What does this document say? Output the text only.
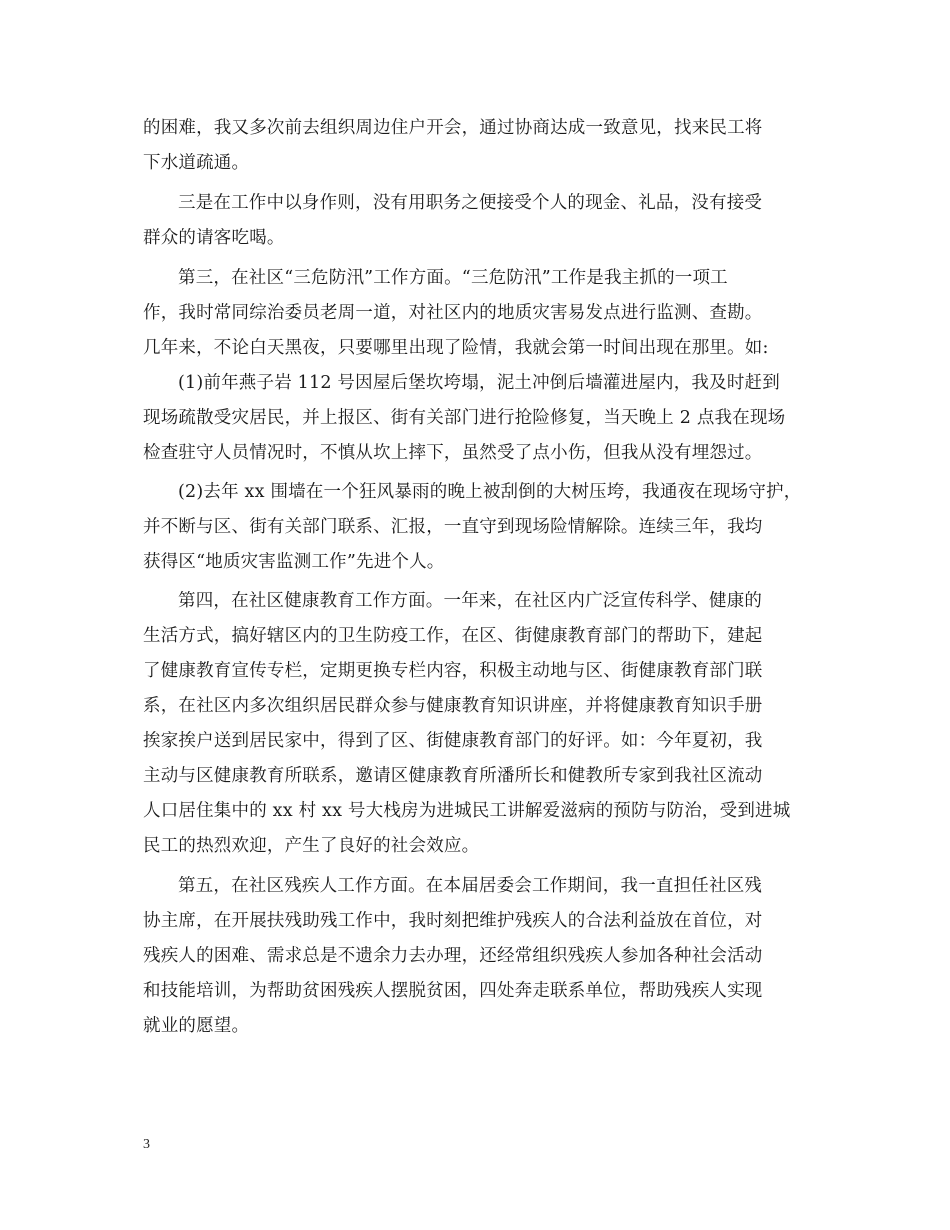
的困难，我又多次前去组织周边住户开会，通过协商达成一致意见，找来民工将
下水道疏通。
三是在工作中以身作则，没有用职务之便接受个人的现金、礼品，没有接受
群众的请客吃喝。
第三，在社区“三危防汛”工作方面。“三危防汛”工作是我主抓的一项工
作，我时常同综治委员老周一道，对社区内的地质灾害易发点进行监测、查勘。
几年来，不论白天黑夜，只要哪里出现了险情，我就会第一时间出现在那里。如:
(1)前年燕子岩 112 号因屋后堡坎垮塌，泥土冲倒后墙灌进屋内，我及时赶到
现场疏散受灾居民，并上报区、街有关部门进行抢险修复，当天晚上 2 点我在现场
检查驻守人员情况时，不慎从坎上摔下，虽然受了点小伤，但我从没有埋怨过。
(2)去年 xx 围墙在一个狂风暴雨的晚上被刮倒的大树压垮，我通夜在现场守护，
并不断与区、街有关部门联系、汇报，一直守到现场险情解除。连续三年，我均
获得区“地质灾害监测工作”先进个人。
第四，在社区健康教育工作方面。一年来，在社区内广泛宣传科学、健康的
生活方式，搞好辖区内的卫生防疫工作，在区、街健康教育部门的帮助下，建起
了健康教育宣传专栏，定期更换专栏内容，积极主动地与区、街健康教育部门联
系，在社区内多次组织居民群众参与健康教育知识讲座，并将健康教育知识手册
挨家挨户送到居民家中，得到了区、街健康教育部门的好评。如：今年夏初，我
主动与区健康教育所联系，邀请区健康教育所潘所长和健教所专家到我社区流动
人口居住集中的 xx 村 xx 号大栈房为进城民工讲解爱滋病的预防与防治，受到进城
民工的热烈欢迎，产生了良好的社会效应。
第五，在社区残疾人工作方面。在本届居委会工作期间，我一直担任社区残
协主席，在开展扶残助残工作中，我时刻把维护残疾人的合法利益放在首位，对
残疾人的困难、需求总是不遗余力去办理，还经常组织残疾人参加各种社会活动
和技能培训，为帮助贫困残疾人摆脱贫困，四处奔走联系单位，帮助残疾人实现
就业的愿望。
3
